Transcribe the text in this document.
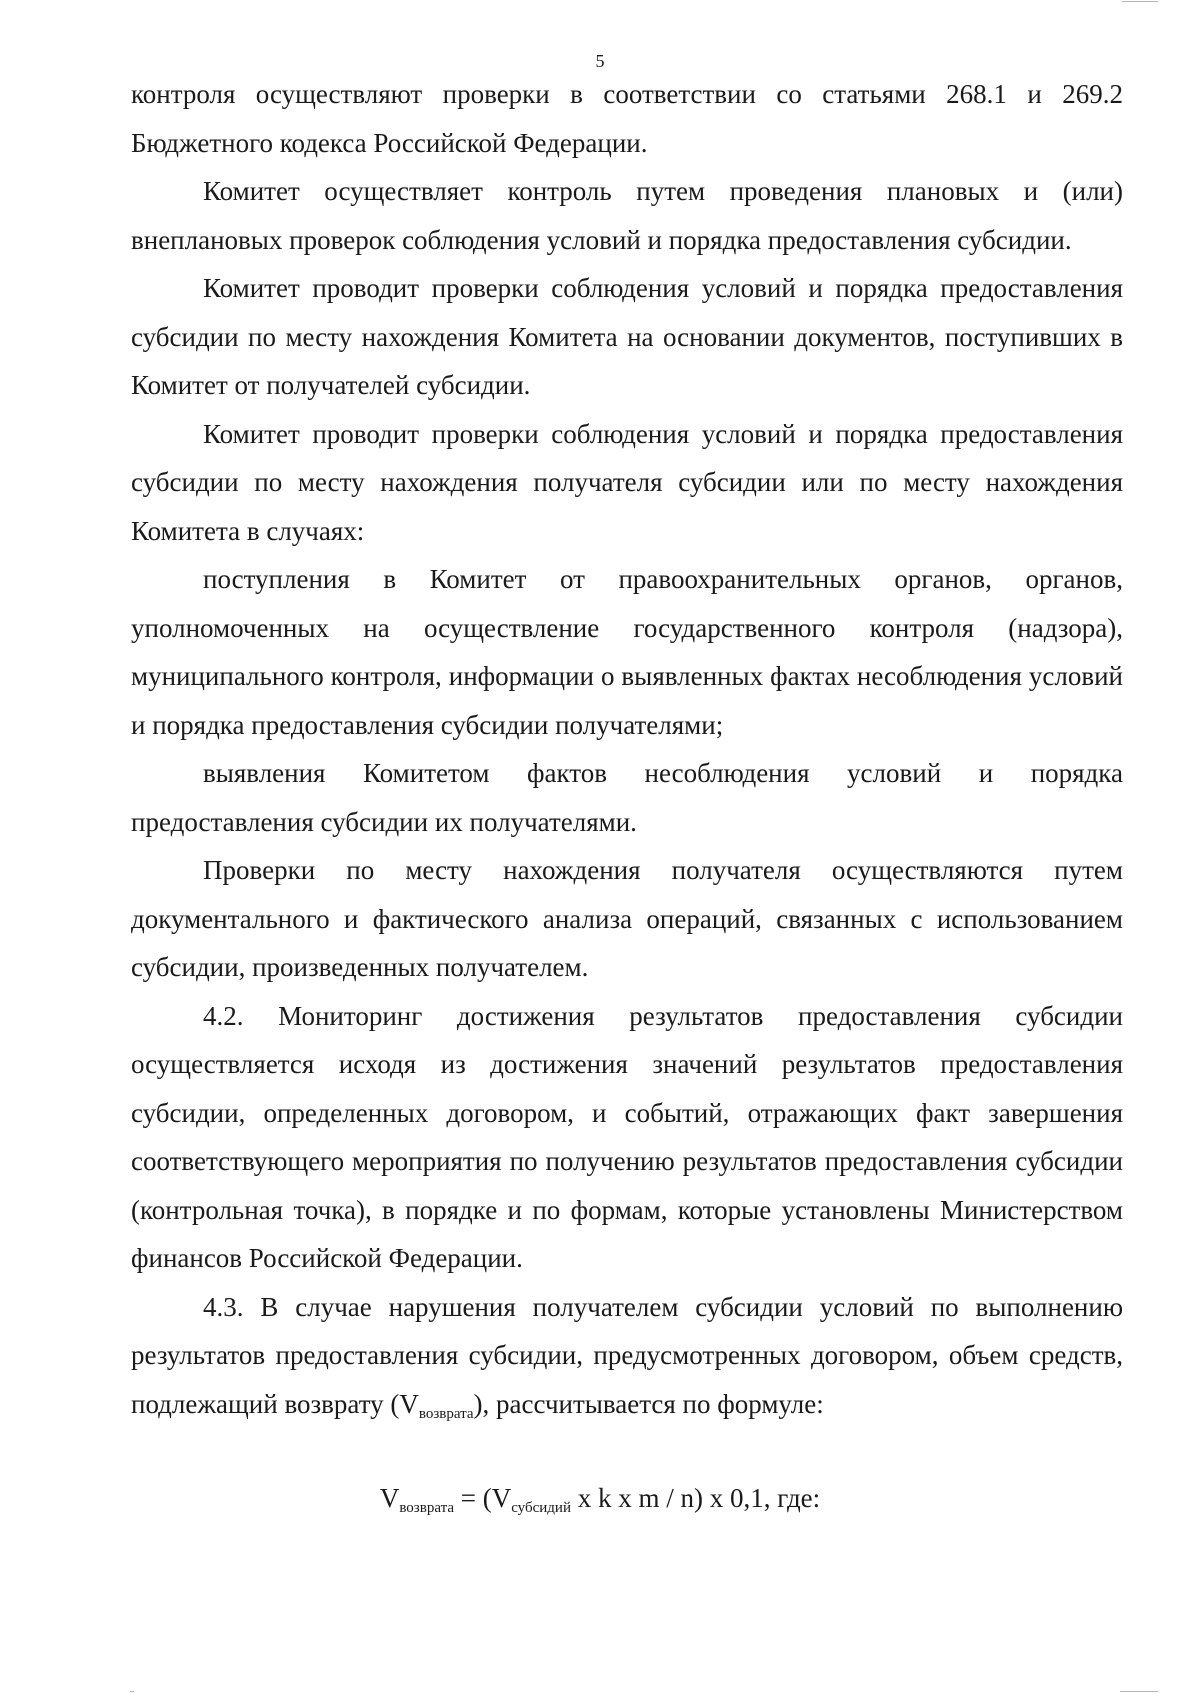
5

контроля осуществляют проверки в соответствии со статьями 268.1 и 269.2 Бюджетного кодекса Российской Федерации.

Комитет осуществляет контроль путем проведения плановых и (или) внеплановых проверок соблюдения условий и порядка предоставления субсидии.

Комитет проводит проверки соблюдения условий и порядка предоставления субсидии по месту нахождения Комитета на основании документов, поступивших в Комитет от получателей субсидии.

Комитет проводит проверки соблюдения условий и порядка предоставления субсидии по месту нахождения получателя субсидии или по месту нахождения Комитета в случаях:

поступления в Комитет от правоохранительных органов, органов, уполномоченных на осуществление государственного контроля (надзора), муниципального контроля, информации о выявленных фактах несоблюдения условий и порядка предоставления субсидии получателями;

выявления Комитетом фактов несоблюдения условий и порядка предоставления субсидии их получателями.

Проверки по месту нахождения получателя осуществляются путем документального и фактического анализа операций, связанных с использованием субсидии, произведенных получателем.

4.2. Мониторинг достижения результатов предоставления субсидии осуществляется исходя из достижения значений результатов предоставления субсидии, определенных договором, и событий, отражающих факт завершения соответствующего мероприятия по получению результатов предоставления субсидии (контрольная точка), в порядке и по формам, которые установлены Министерством финансов Российской Федерации.

4.3. В случае нарушения получателем субсидии условий по выполнению результатов предоставления субсидии, предусмотренных договором, объем средств, подлежащий возврату $(V_{возврата})$, рассчитывается по формуле:

$V_{возврата} = (V_{субсидий}$ x k x m / n) x 0,1, где:
